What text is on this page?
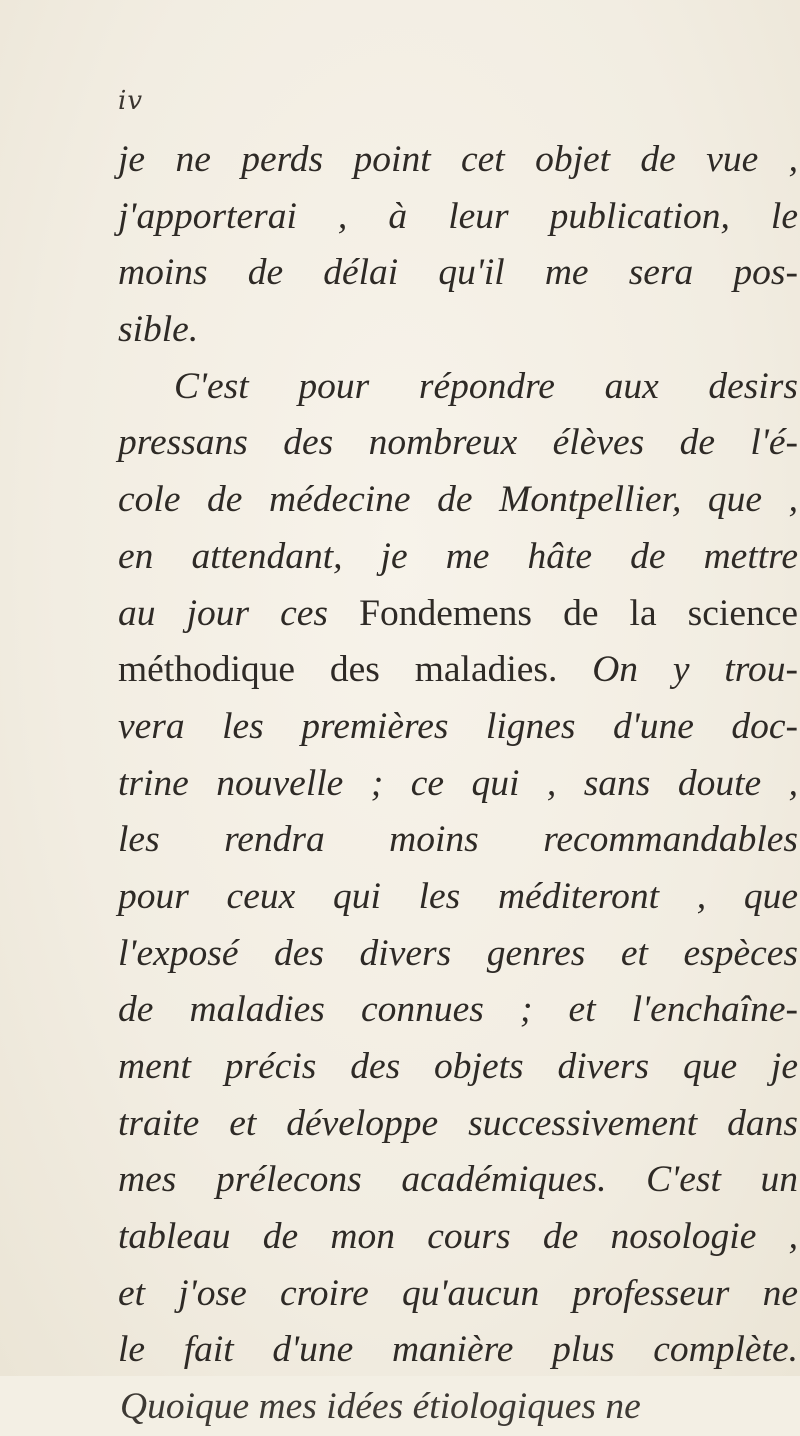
iv
je ne perds point cet objet de vue ,
j'apporterai , à leur publication, le
moins de délai qu'il me sera pos-
sible.
C'est pour répondre aux desirs
pressans des nombreux élèves de l'é-
cole de médecine de Montpellier, que ,
en attendant, je me hâte de mettre
au jour ces Fondemens de la science
méthodique des maladies. On y trou-
vera les premières lignes d'une doc-
trine nouvelle ; ce qui , sans doute ,
les rendra moins recommandables
pour ceux qui les méditeront , que
l'exposé des divers genres et espèces
de maladies connues ; et l'enchaîne-
ment précis des objets divers que je
traite et développe successivement dans
mes prélecons académiques. C'est un
tableau de mon cours de nosologie ,
et j'ose croire qu'aucun professeur ne
le fait d'une manière plus complète.
Quoique mes idées étiologiques ne
